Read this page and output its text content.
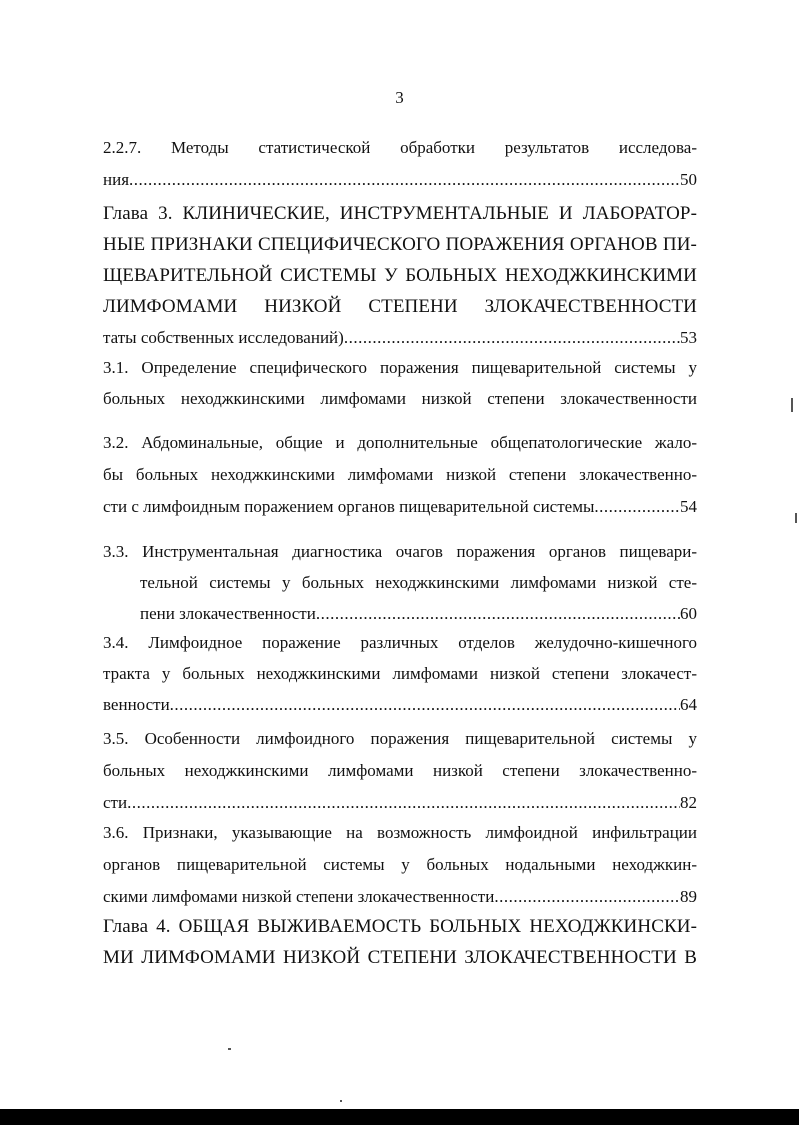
3
2.2.7. Методы статистической обработки результатов исследова-
ния .....	50
Глава 3. КЛИНИЧЕСКИЕ, ИНСТРУМЕНТАЛЬНЫЕ И ЛАБОРАТОР-
НЫЕ ПРИЗНАКИ СПЕЦИФИЧЕСКОГО ПОРАЖЕНИЯ ОРГАНОВ ПИ-
ЩЕВАРИТЕЛЬНОЙ СИСТЕМЫ У БОЛЬНЫХ НЕХОДЖКИНСКИМИ
ЛИМФОМАМИ НИЗКОЙ СТЕПЕНИ ЗЛОКАЧЕСТВЕННОСТИ
таты собственных исследований) .....	53
3.1. Определение специфического поражения пищеварительной системы у
больных неходжкинскими лимфомами низкой степени злокачественности
3.2. Абдоминальные, общие и дополнительные общепатологические жало-
бы больных неходжкинскими лимфомами низкой степени злокачественно-
сти с лимфоидным поражением органов пищеварительной системы .....	54
3.3. Инструментальная диагностика очагов поражения органов пищевари-
тельной системы у больных неходжкинскими лимфомами низкой сте-
пени злокачественности .....	60
3.4. Лимфоидное поражение различных отделов желудочно-кишечного
тракта у больных неходжкинскими лимфомами низкой степени злокачест-
венности .....	64
3.5. Особенности лимфоидного поражения пищеварительной системы у
больных неходжкинскими лимфомами низкой степени злокачественно-
сти .....	82
3.6. Признаки, указывающие на возможность лимфоидной инфильтрации
органов пищеварительной системы у больных нодальными неходжкин-
скими лимфомами низкой степени злокачественности .....	89
Глава 4. ОБЩАЯ ВЫЖИВАЕМОСТЬ БОЛЬНЫХ НЕХОДЖКИНСКИ-
МИ ЛИМФОМАМИ НИЗКОЙ СТЕПЕНИ ЗЛОКАЧЕСТВЕННОСТИ В
